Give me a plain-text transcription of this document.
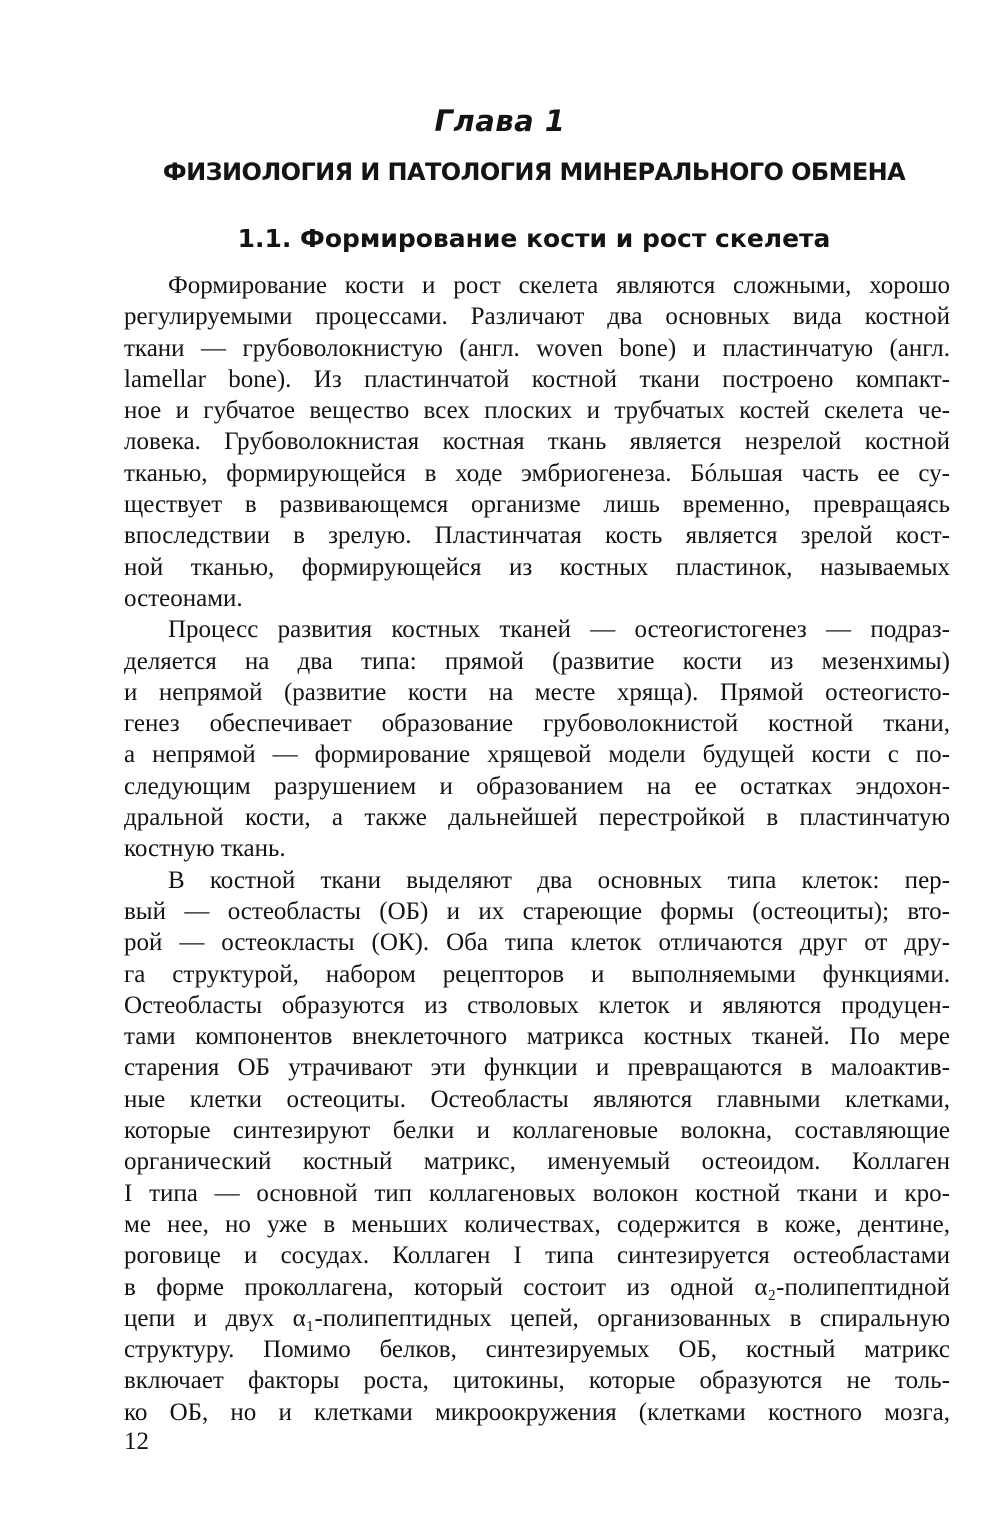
Глава 1
ФИЗИОЛОГИЯ И ПАТОЛОГИЯ МИНЕРАЛЬНОГО ОБМЕНА
1.1. Формирование кости и рост скелета
Формирование кости и рост скелета являются сложными, хорошо
регулируемыми процессами. Различают два основных вида костной
ткани — грубоволокнистую (англ. woven bone) и пластинчатую (англ.
lamellar bone). Из пластинчатой костной ткани построено компакт-
ное и губчатое вещество всех плоских и трубчатых костей скелета че-
ловека. Грубоволокнистая костная ткань является незрелой костной
тканью, формирующейся в ходе эмбриогенеза. Бóльшая часть ее су-
ществует в развивающемся организме лишь временно, превращаясь
впоследствии в зрелую. Пластинчатая кость является зрелой кост-
ной тканью, формирующейся из костных пластинок, называемых
остеонами.
Процесс развития костных тканей — остеогистогенез — подраз-
деляется на два типа: прямой (развитие кости из мезенхимы)
и непрямой (развитие кости на месте хряща). Прямой остеогисто-
генез обеспечивает образование грубоволокнистой костной ткани,
а непрямой — формирование хрящевой модели будущей кости с по-
следующим разрушением и образованием на ее остатках эндохон-
дральной кости, а также дальнейшей перестройкой в пластинчатую
костную ткань.
В костной ткани выделяют два основных типа клеток: пер-
вый — остеобласты (ОБ) и их стареющие формы (остеоциты); вто-
рой — остеокласты (ОК). Оба типа клеток отличаются друг от дру-
га структурой, набором рецепторов и выполняемыми функциями.
Остеобласты образуются из стволовых клеток и являются продуцен-
тами компонентов внеклеточного матрикса костных тканей. По мере
старения ОБ утрачивают эти функции и превращаются в малоактив-
ные клетки остеоциты. Остеобласты являются главными клетками,
которые синтезируют белки и коллагеновые волокна, составляющие
органический костный матрикс, именуемый остеоидом. Коллаген
I типа — основной тип коллагеновых волокон костной ткани и кро-
ме нее, но уже в меньших количествах, содержится в коже, дентине,
роговице и сосудах. Коллаген I типа синтезируется остеобластами
в форме проколлагена, который состоит из одной α₂-полипептидной
цепи и двух α₁-полипептидных цепей, организованных в спиральную
структуру. Помимо белков, синтезируемых ОБ, костный матрикс
включает факторы роста, цитокины, которые образуются не толь-
ко ОБ, но и клетками микроокружения (клетками костного мозга,
12
